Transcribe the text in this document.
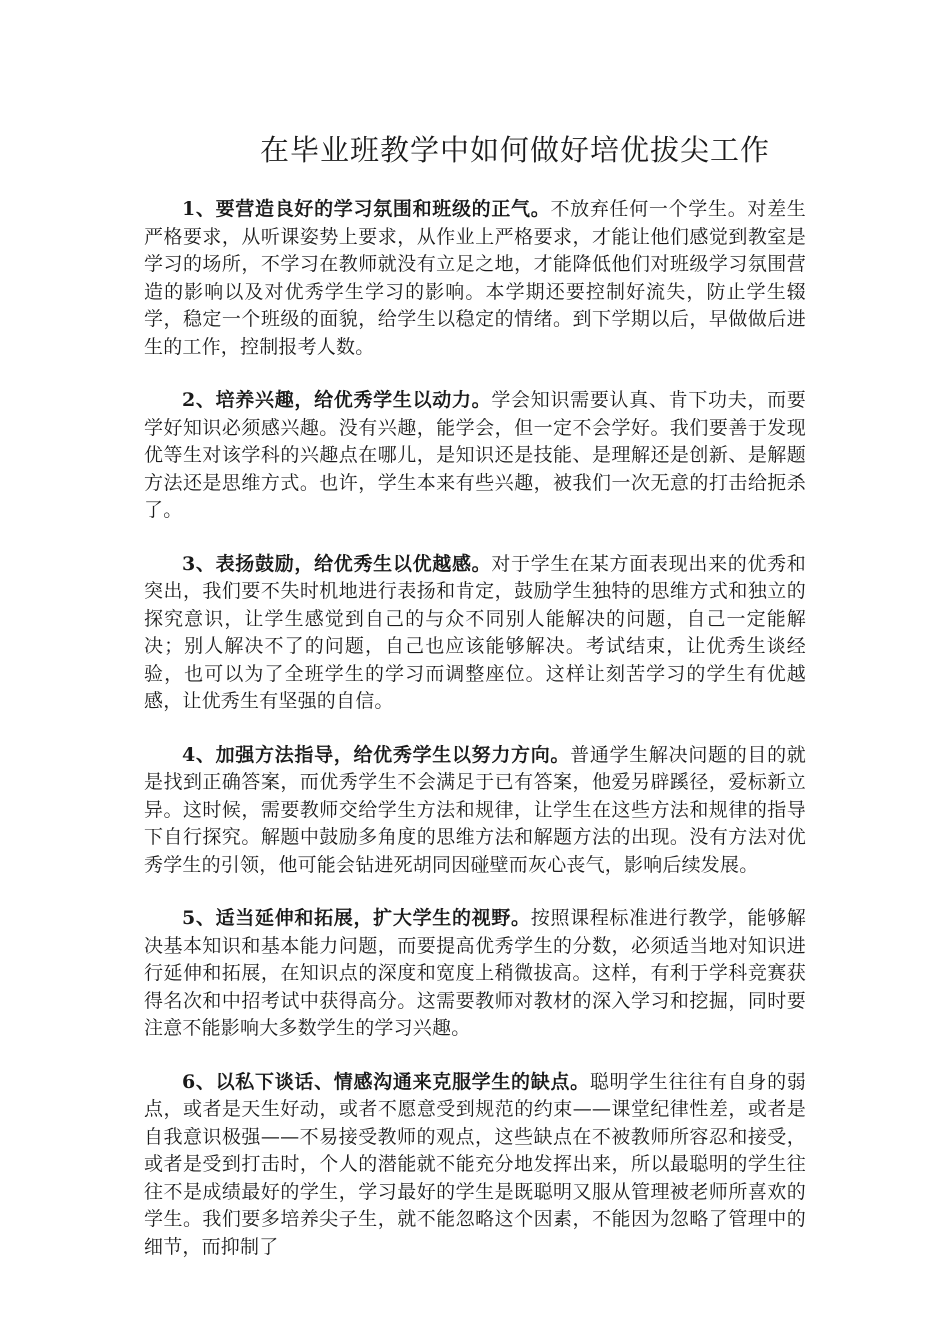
在毕业班教学中如何做好培优拔尖工作

1、要营造良好的学习氛围和班级的正气。不放弃任何一个学生。对差生严格要求，从听课姿势上要求，从作业上严格要求，才能让他们感觉到教室是学习的场所，不学习在教师就没有立足之地，才能降低他们对班级学习氛围营造的影响以及对优秀学生学习的影响。本学期还要控制好流失，防止学生辍学，稳定一个班级的面貌，给学生以稳定的情绪。到下学期以后，早做做后进生的工作，控制报考人数。

2、培养兴趣，给优秀学生以动力。学会知识需要认真、肯下功夫，而要学好知识必须感兴趣。没有兴趣，能学会，但一定不会学好。我们要善于发现优等生对该学科的兴趣点在哪儿，是知识还是技能、是理解还是创新、是解题方法还是思维方式。也许，学生本来有些兴趣，被我们一次无意的打击给扼杀了。

3、表扬鼓励，给优秀生以优越感。对于学生在某方面表现出来的优秀和突出，我们要不失时机地进行表扬和肯定，鼓励学生独特的思维方式和独立的探究意识，让学生感觉到自己的与众不同别人能解决的问题，自己一定能解决；别人解决不了的问题，自己也应该能够解决。考试结束，让优秀生谈经验，也可以为了全班学生的学习而调整座位。这样让刻苦学习的学生有优越感，让优秀生有坚强的自信。

4、加强方法指导，给优秀学生以努力方向。普通学生解决问题的目的就是找到正确答案，而优秀学生不会满足于已有答案，他爱另辟蹊径，爱标新立异。这时候，需要教师交给学生方法和规律，让学生在这些方法和规律的指导下自行探究。解题中鼓励多角度的思维方法和解题方法的出现。没有方法对优秀学生的引领，他可能会钻进死胡同因碰壁而灰心丧气，影响后续发展。

5、适当延伸和拓展，扩大学生的视野。按照课程标准进行教学，能够解决基本知识和基本能力问题，而要提高优秀学生的分数，必须适当地对知识进行延伸和拓展，在知识点的深度和宽度上稍微拔高。这样，有利于学科竞赛获得名次和中招考试中获得高分。这需要教师对教材的深入学习和挖掘，同时要注意不能影响大多数学生的学习兴趣。

6、以私下谈话、情感沟通来克服学生的缺点。聪明学生往往有自身的弱点，或者是天生好动，或者不愿意受到规范的约束——课堂纪律性差，或者是自我意识极强——不易接受教师的观点，这些缺点在不被教师所容忍和接受，或者是受到打击时，个人的潜能就不能充分地发挥出来，所以最聪明的学生往往不是成绩最好的学生，学习最好的学生是既聪明又服从管理被老师所喜欢的学生。我们要多培养尖子生，就不能忽略这个因素，不能因为忽略了管理中的细节，而抑制了
